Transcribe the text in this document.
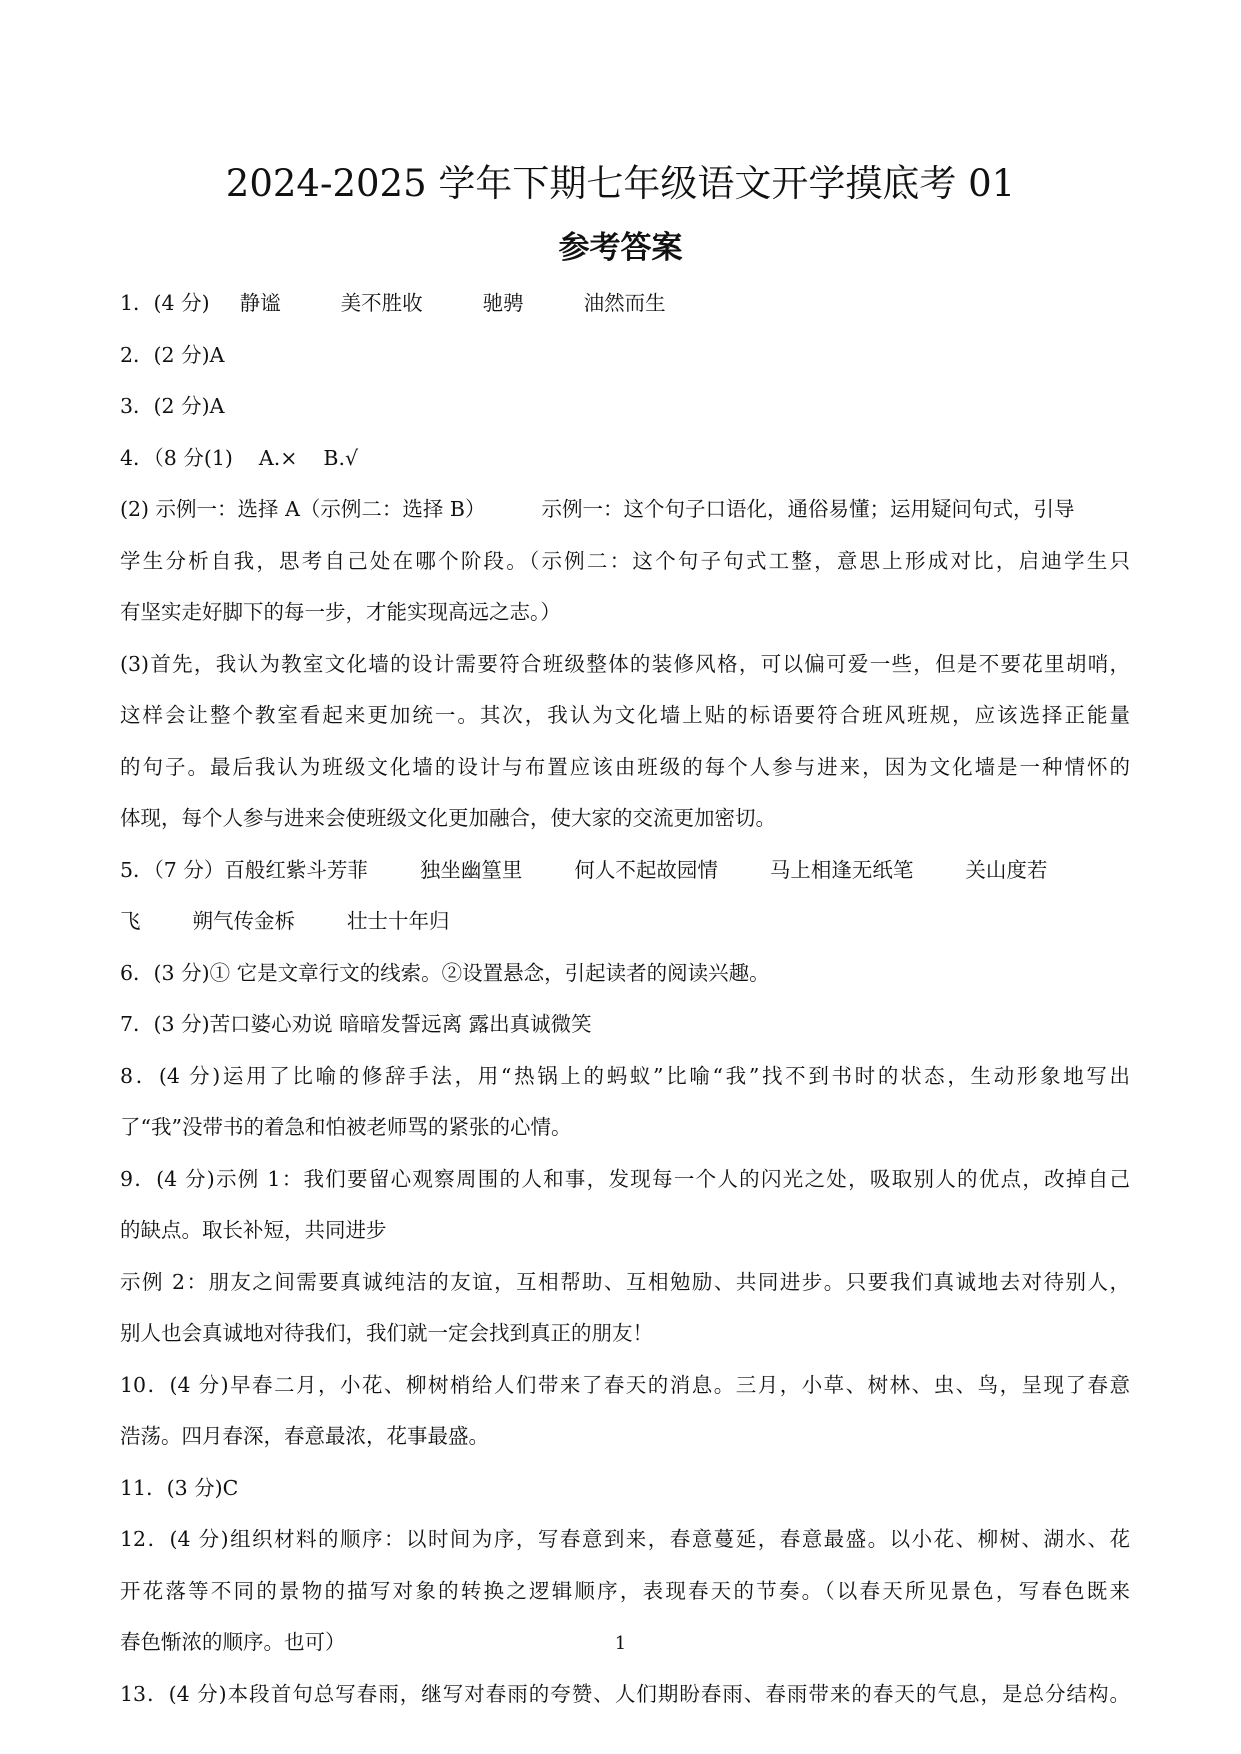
2024-2025 学年下期七年级语文开学摸底考 01
参考答案
1．(4 分) 静谧	美不胜收	驰骋	油然而生
2．(2 分)A
3．(2 分)A
4．（8 分(1) A.× B.√
(2) 示例一：选择 A（示例二：选择 B）	示例一：这个句子口语化，通俗易懂；运用疑问句式，引导
学生分析自我，思考自己处在哪个阶段。（示例二：这个句子句式工整，意思上形成对比，启迪学生只
有坚实走好脚下的每一步，才能实现高远之志。）
(3)首先，我认为教室文化墙的设计需要符合班级整体的装修风格，可以偏可爱一些，但是不要花里胡哨，
这样会让整个教室看起来更加统一。其次，我认为文化墙上贴的标语要符合班风班规，应该选择正能量
的句子。最后我认为班级文化墙的设计与布置应该由班级的每个人参与进来，因为文化墙是一种情怀的
体现，每个人参与进来会使班级文化更加融合，使大家的交流更加密切。
5．（7 分）百般红紫斗芳菲	独坐幽篁里	何人不起故园情	马上相逢无纸笔	关山度若
飞	朔气传金柝	壮士十年归
6．(3 分)① 它是文章行文的线索。②设置悬念，引起读者的阅读兴趣。
7．(3 分)苦口婆心劝说 暗暗发誓远离 露出真诚微笑
8．(4 分)运用了比喻的修辞手法，用“热锅上的蚂蚁”比喻“我”找不到书时的状态，生动形象地写出
了“我”没带书的着急和怕被老师骂的紧张的心情。
9．(4 分)示例 1：我们要留心观察周围的人和事，发现每一个人的闪光之处，吸取别人的优点，改掉自己
的缺点。取长补短，共同进步
示例 2：朋友之间需要真诚纯洁的友谊，互相帮助、互相勉励、共同进步。只要我们真诚地去对待别人，
别人也会真诚地对待我们，我们就一定会找到真正的朋友！
10．(4 分)早春二月，小花、柳树梢给人们带来了春天的消息。三月，小草、树林、虫、鸟，呈现了春意
浩荡。四月春深，春意最浓，花事最盛。
11．(3 分)C
12．(4 分)组织材料的顺序：以时间为序，写春意到来，春意蔓延，春意最盛。以小花、柳树、湖水、花
开花落等不同的景物的描写对象的转换之逻辑顺序，表现春天的节奏。（以春天所见景色，写春色既来
春色惭浓的顺序。也可）
13．(4 分)本段首句总写春雨，继写对春雨的夸赞、人们期盼春雨、春雨带来的春天的气息，是总分结构。
1
